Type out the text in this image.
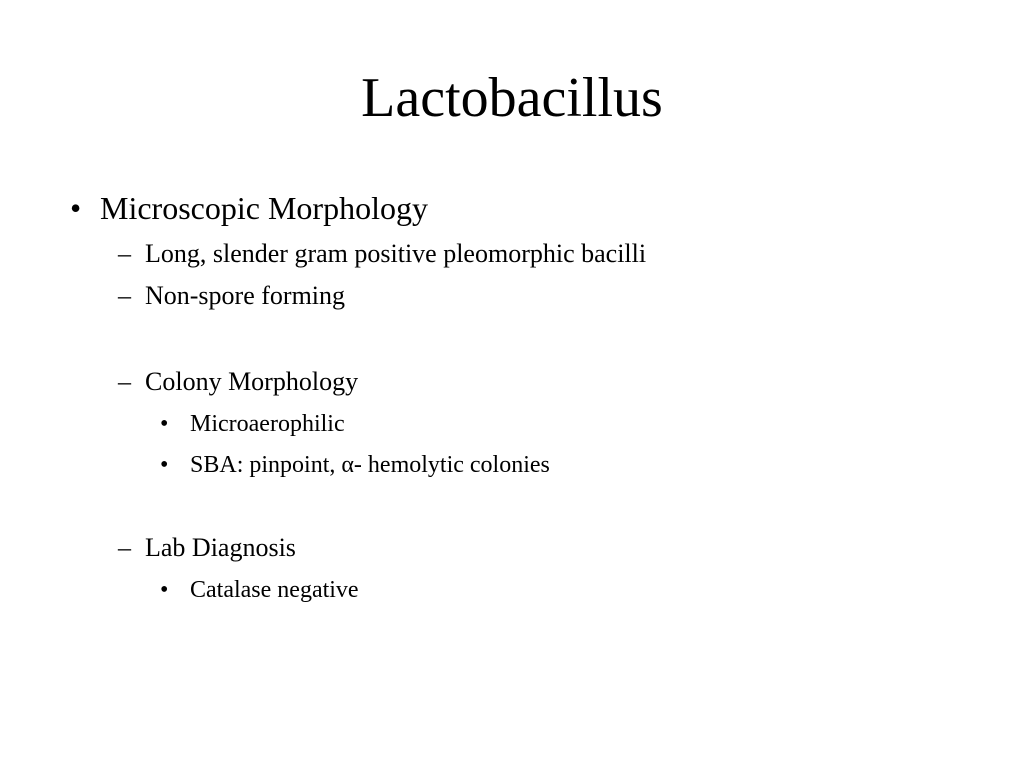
Lactobacillus
• Microscopic Morphology
– Long, slender gram positive pleomorphic bacilli
– Non-spore forming
– Colony Morphology
• Microaerophilic
• SBA: pinpoint, α- hemolytic colonies
– Lab Diagnosis
• Catalase negative
